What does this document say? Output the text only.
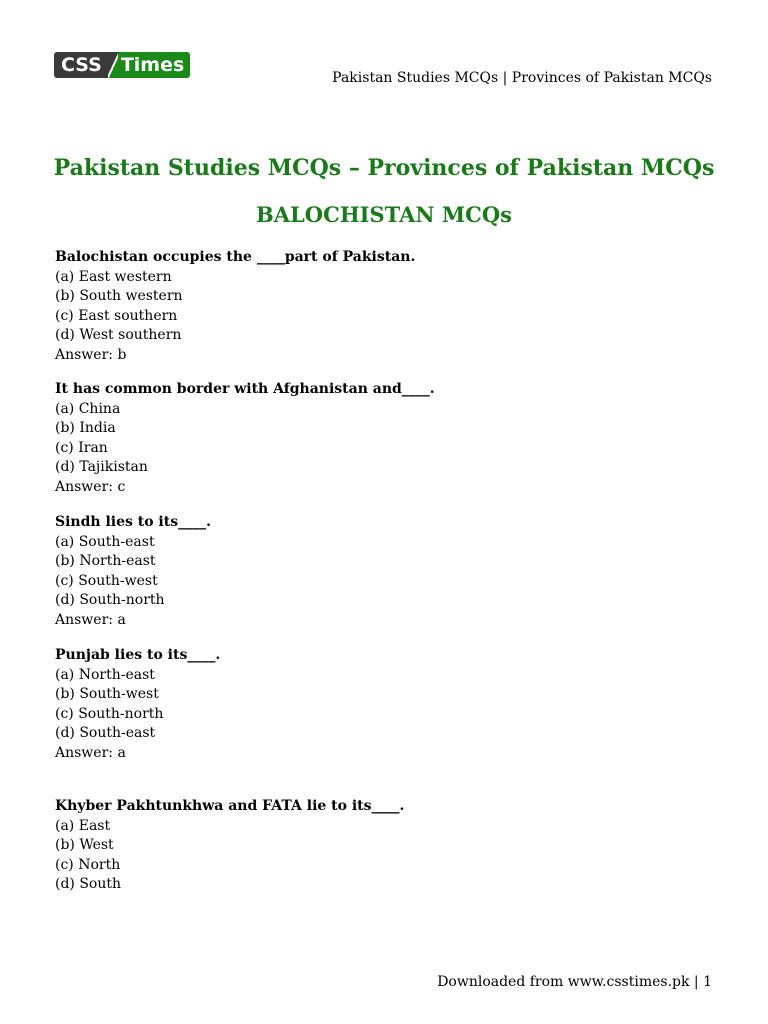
CSS	Times
Pakistan Studies MCQs | Provinces of Pakistan MCQs
Pakistan Studies MCQs – Provinces of Pakistan MCQs
BALOCHISTAN MCQs
Balochistan occupies the ____part of Pakistan.
(a) East western
(b) South western
(c) East southern
(d) West southern
Answer: b
It has common border with Afghanistan and____.
(a) China
(b) India
(c) Iran
(d) Tajikistan
Answer: c
Sindh lies to its____.
(a) South-east
(b) North-east
(c) South-west
(d) South-north
Answer: a
Punjab lies to its____.
(a) North-east
(b) South-west
(c) South-north
(d) South-east
Answer: a
Khyber Pakhtunkhwa and FATA lie to its____.
(a) East
(b) West
(c) North
(d) South
Downloaded from www.csstimes.pk | 1
